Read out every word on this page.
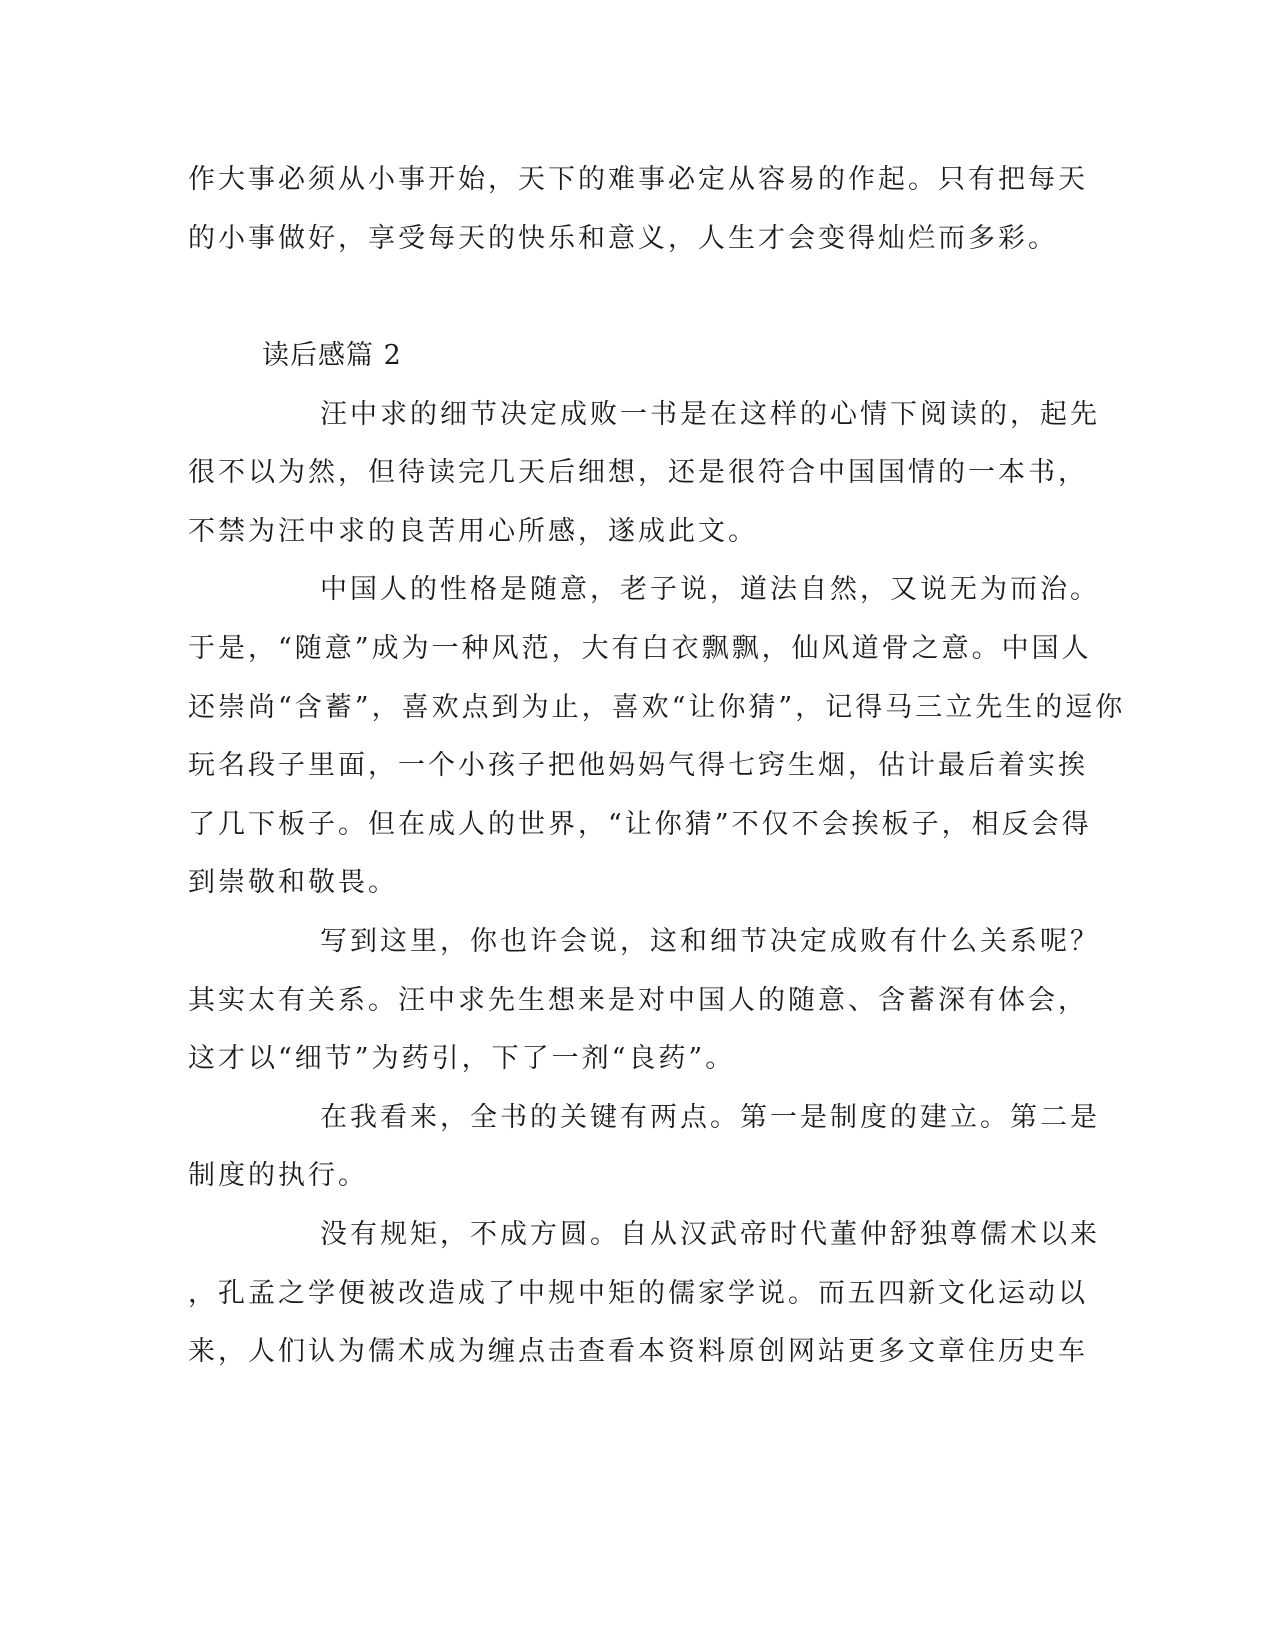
作大事必须从小事开始，天下的难事必定从容易的作起。只有把每天
的小事做好，享受每天的快乐和意义，人生才会变得灿烂而多彩。
读后感篇 2
汪中求的细节决定成败一书是在这样的心情下阅读的，起先
很不以为然，但待读完几天后细想，还是很符合中国国情的一本书，
不禁为汪中求的良苦用心所感，遂成此文。
中国人的性格是随意，老子说，道法自然，又说无为而治。
于是，“随意”成为一种风范，大有白衣飘飘，仙风道骨之意。中国人
还崇尚“含蓄”，喜欢点到为止，喜欢“让你猜”，记得马三立先生的逗你
玩名段子里面，一个小孩子把他妈妈气得七窍生烟，估计最后着实挨
了几下板子。但在成人的世界，“让你猜”不仅不会挨板子，相反会得
到崇敬和敬畏。
写到这里，你也许会说，这和细节决定成败有什么关系呢？
其实太有关系。汪中求先生想来是对中国人的随意、含蓄深有体会，
这才以“细节”为药引，下了一剂“良药”。
在我看来，全书的关键有两点。第一是制度的建立。第二是
制度的执行。
没有规矩，不成方圆。自从汉武帝时代董仲舒独尊儒术以来
，孔孟之学便被改造成了中规中矩的儒家学说。而五四新文化运动以
来，人们认为儒术成为缠点击查看本资料原创网站更多文章住历史车
